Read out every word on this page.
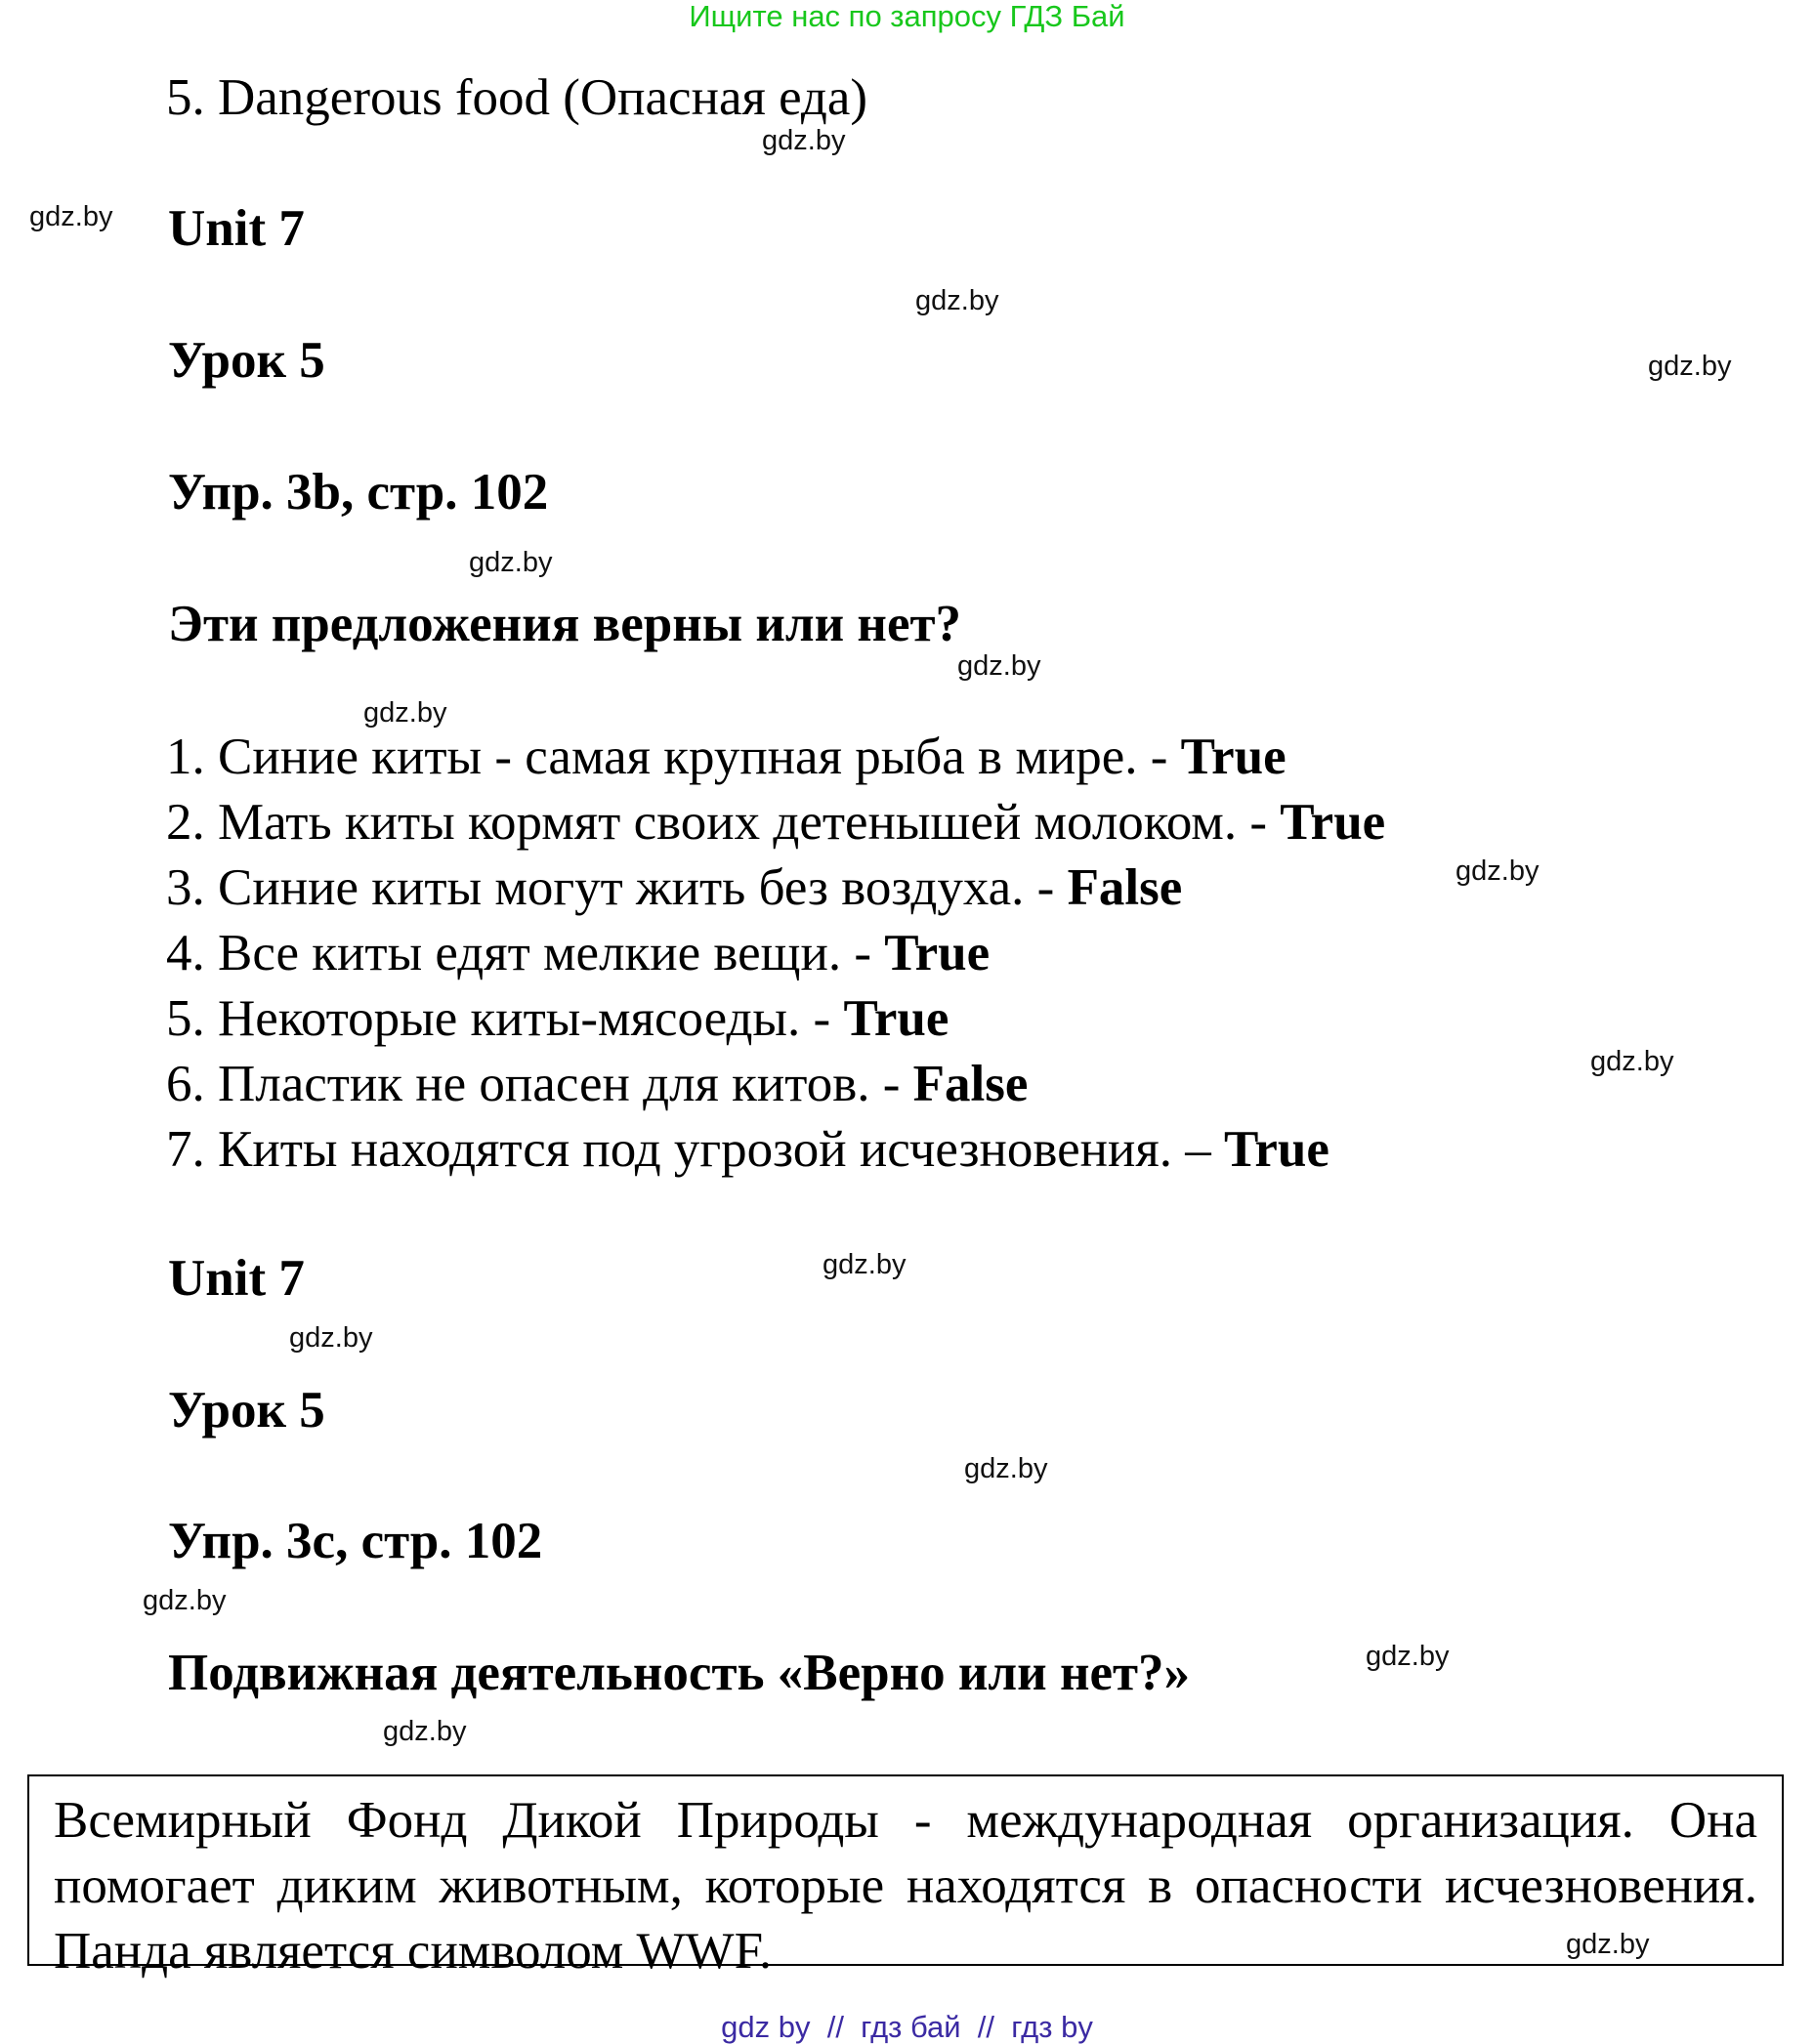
Ищите нас по запросу ГДЗ Бай
5. Dangerous food (Опасная еда)
Unit 7
Урок 5
Упр. 3b, стр. 102
Эти предложения верны или нет?
1. Синие киты - самая крупная рыба в мире. - True
2. Мать киты кормят своих детенышей молоком. - True
3. Синие киты могут жить без воздуха. - False
4. Все киты едят мелкие вещи. - True
5. Некоторые киты-мясоеды. - True
6. Пластик не опасен для китов. - False
7. Киты находятся под угрозой исчезновения. – True
Unit 7
Урок 5
Упр. 3c, стр. 102
Подвижная деятельность «Верно или нет?»
Всемирный Фонд Дикой Природы - международная организация. Она помогает диким животным, которые находятся в опасности исчезновения. Панда является символом WWF.
gdz.by
gdz.by
gdz.by
gdz.by
gdz.by
gdz.by
gdz.by
gdz.by
gdz.by
gdz.by
gdz.by
gdz.by
gdz.by
gdz.by
gdz.by
gdz.by
gdz by  //  гдз бай  //  гдз by
